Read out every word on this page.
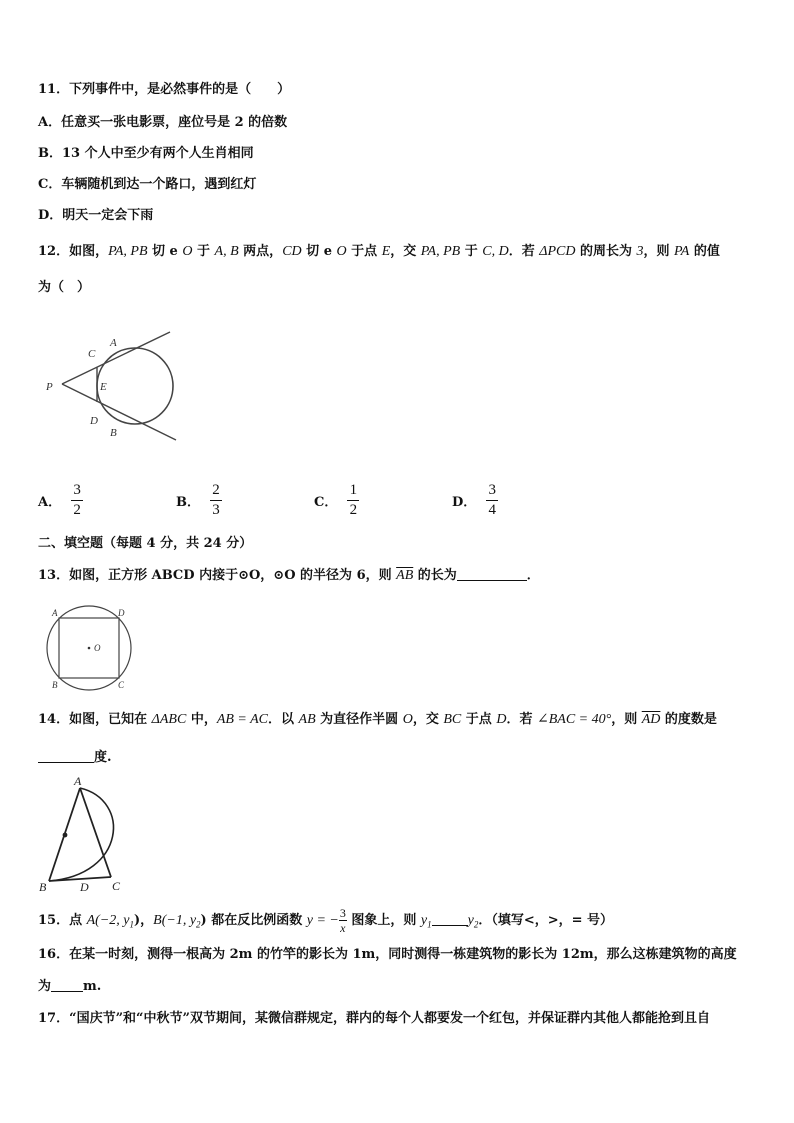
11．下列事件中，是必然事件的是（　　）
A．任意买一张电影票，座位号是 2 的倍数
B．13 个人中至少有两个人生肖相同
C．车辆随机到达一个路口，遇到红灯
D．明天一定会下雨
12．如图，PA, PB 切 e O 于 A, B 两点，CD 切 e O 于点 E，交 PA, PB 于 C, D．若 ΔPCD 的周长为 3，则 PA 的值
为（　）
A
C
P	E
D
B
A． $\frac{3}{2}$	B． $\frac{2}{3}$	C． $\frac{1}{2}$	D． $\frac{3}{4}$
二、填空题（每题 4 分，共 24 分）
13．如图，正方形 ABCD 内接于⊙O，⊙O 的半径为 6，则 $\overline{AB}$ 的长为	．
A	D
B	C
O
14．如图，已知在 ΔABC 中，AB = AC．以 AB 为直径作半圆 O，交 BC 于点 D．若 ∠BAC = 40°，则 $\overline{AD}$ 的度数是
度.
A
B	D C
15．点 A(−2, $y_1$)，B(−1, $y_2$) 都在反比例函数 y = − $\frac{3}{x}$ 图象上，则 $y_1$	$y_2$．（填写<，>，= 号）
16．在某一时刻，测得一根高为 2m 的竹竿的影长为 1m，同时测得一栋建筑物的影长为 12m，那么这栋建筑物的高度
为 m.
17．“国庆节”和“中秋节”双节期间，某微信群规定，群内的每个人都要发一个红包，并保证群内其他人都能抢到且自
